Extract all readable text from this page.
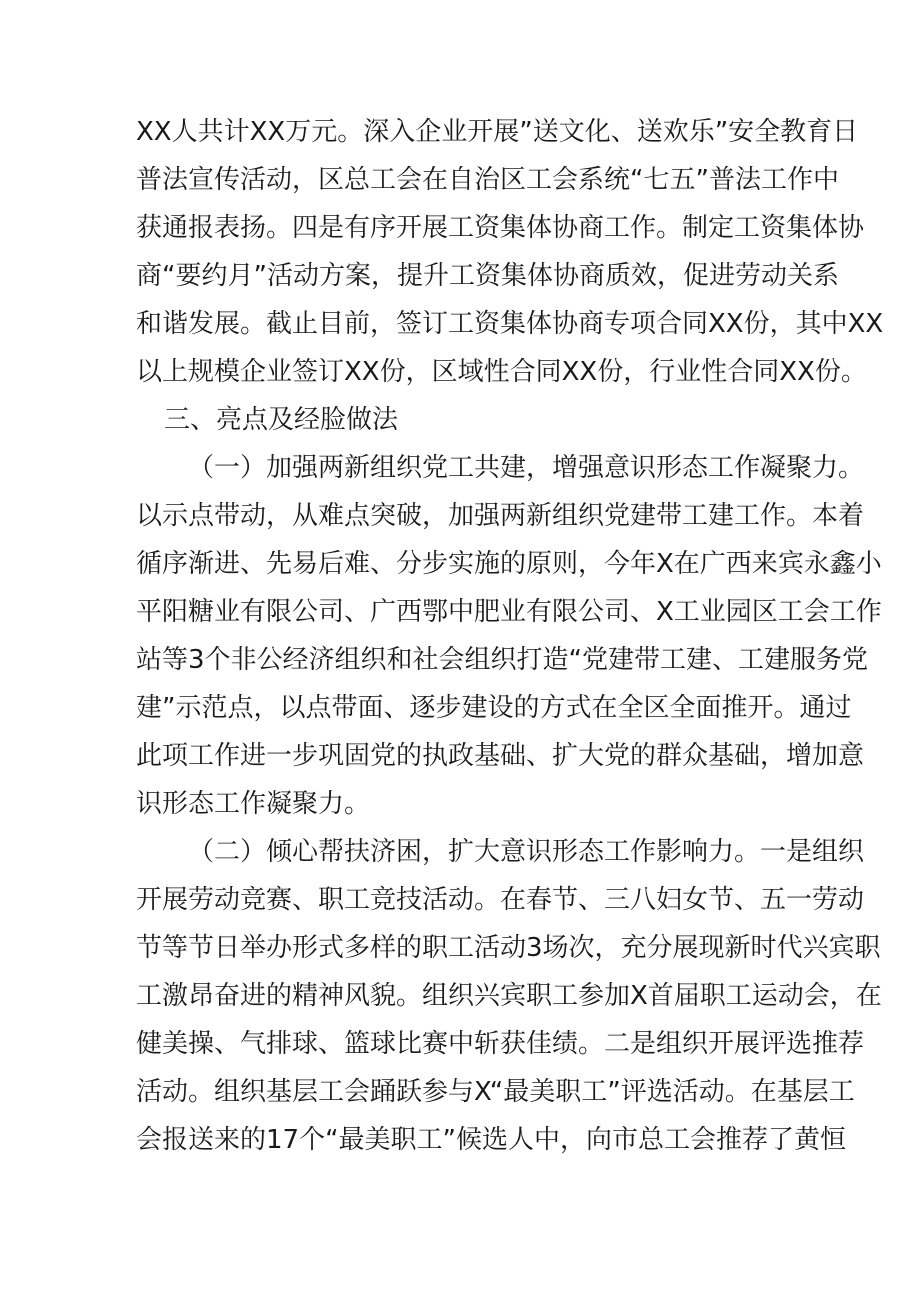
XX人共计XX万元。深入企业开展”送文化、送欢乐”安全教育日
普法宣传活动，区总工会在自治区工会系统“七五”普法工作中
获通报表扬。四是有序开展工资集体协商工作。制定工资集体协
商“要约月”活动方案，提升工资集体协商质效，促进劳动关系
和谐发展。截止目前，签订工资集体协商专项合同XX份，其中XX
以上规模企业签订XX份，区域性合同XX份，行业性合同XX份。
三、亮点及经脸做法
（一）加强两新组织党工共建，增强意识形态工作凝聚力。
以示点带动，从难点突破，加强两新组织党建带工建工作。本着
循序渐进、先易后难、分步实施的原则，今年X在广西来宾永鑫小
平阳糖业有限公司、广西鄂中肥业有限公司、X工业园区工会工作
站等3个非公经济组织和社会组织打造“党建带工建、工建服务党
建”示范点，以点带面、逐步建设的方式在全区全面推开。通过
此项工作进一步巩固党的执政基础、扩大党的群众基础，增加意
识形态工作凝聚力。
（二）倾心帮扶济困，扩大意识形态工作影响力。一是组织
开展劳动竞赛、职工竞技活动。在春节、三八妇女节、五一劳动
节等节日举办形式多样的职工活动3场次，充分展现新时代兴宾职
工激昂奋进的精神风貌。组织兴宾职工参加X首届职工运动会，在
健美操、气排球、篮球比赛中斩获佳绩。二是组织开展评选推荐
活动。组织基层工会踊跃参与X“最美职工”评选活动。在基层工
会报送来的17个“最美职工”候选人中，向市总工会推荐了黄恒
